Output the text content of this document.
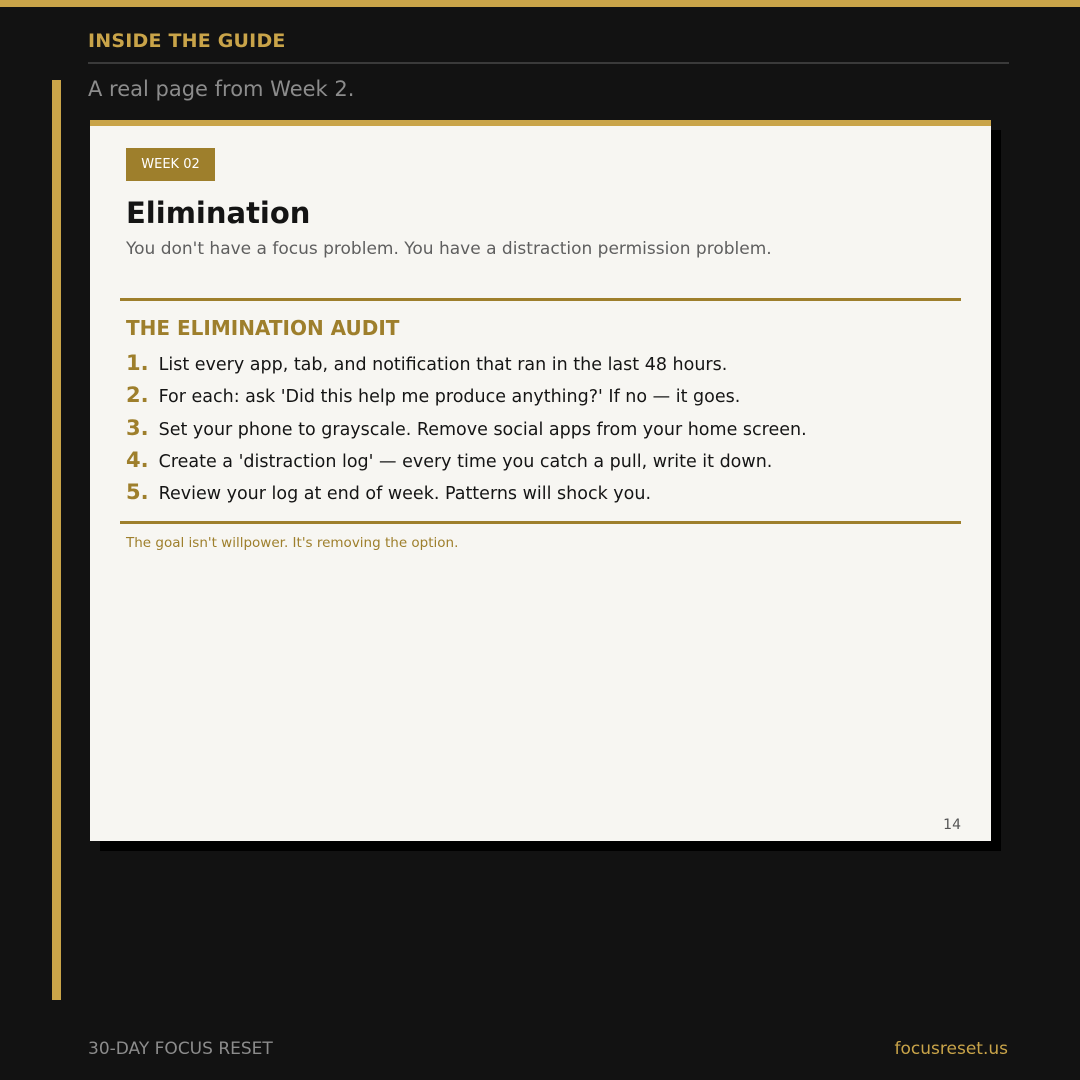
INSIDE THE GUIDE
A real page from Week 2.
WEEK 02
Elimination
You don't have a focus problem. You have a distraction permission problem.
THE ELIMINATION AUDIT
1. List every app, tab, and notification that ran in the last 48 hours.
2. For each: ask 'Did this help me produce anything?' If no — it goes.
3. Set your phone to grayscale. Remove social apps from your home screen.
4. Create a 'distraction log' — every time you catch a pull, write it down.
5. Review your log at end of week. Patterns will shock you.
The goal isn't willpower. It's removing the option.
14
30-DAY FOCUS RESET	focusreset.us
